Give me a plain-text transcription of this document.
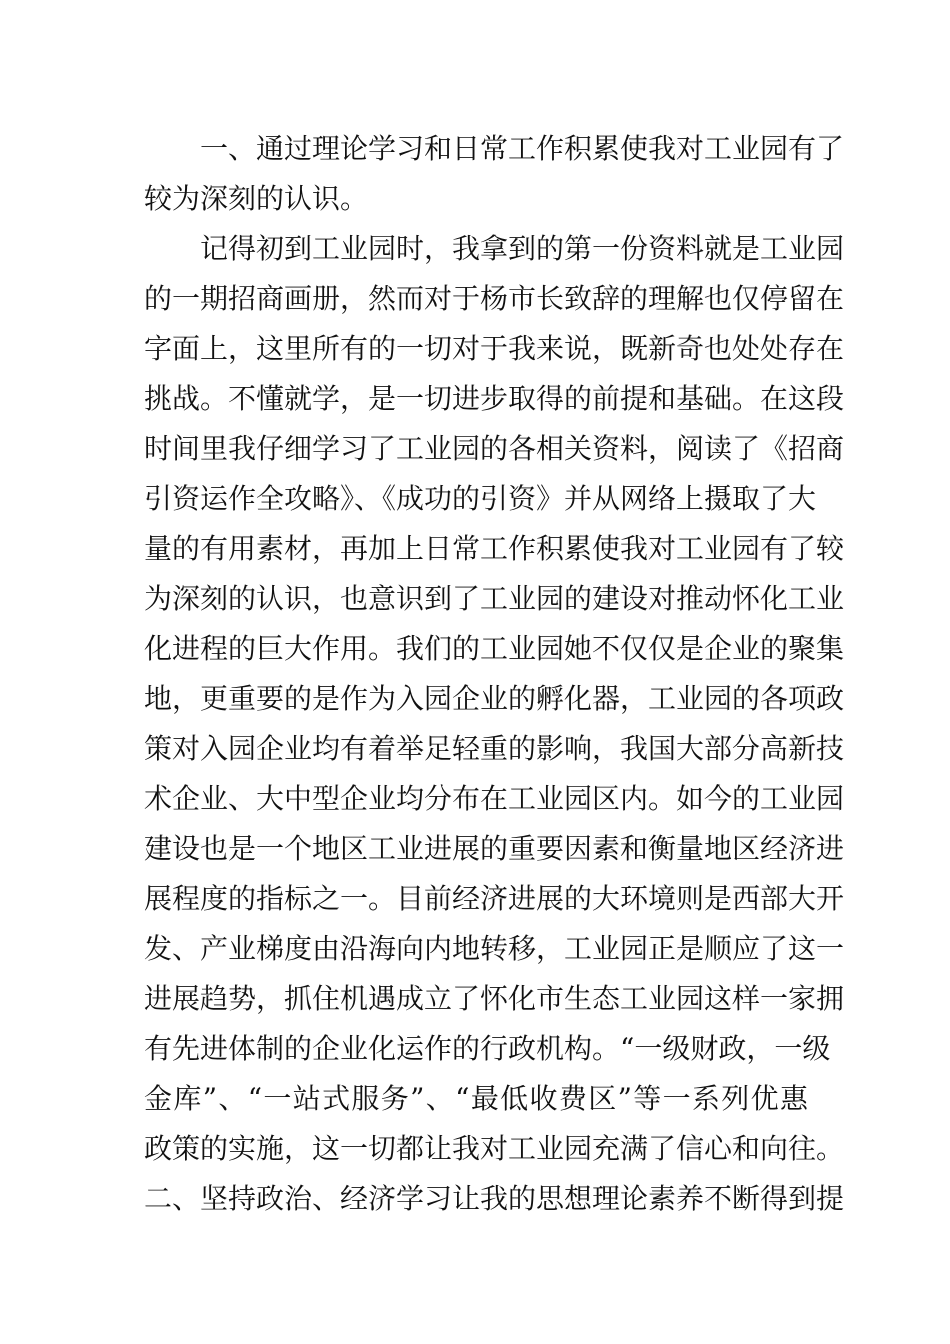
一、通过理论学习和日常工作积累使我对工业园有了
较为深刻的认识。
记得初到工业园时，我拿到的第一份资料就是工业园
的一期招商画册，然而对于杨市长致辞的理解也仅停留在
字面上，这里所有的一切对于我来说，既新奇也处处存在
挑战。不懂就学，是一切进步取得的前提和基础。在这段
时间里我仔细学习了工业园的各相关资料，阅读了《招商
引资运作全攻略》、《成功的引资》并从网络上摄取了大
量的有用素材，再加上日常工作积累使我对工业园有了较
为深刻的认识，也意识到了工业园的建设对推动怀化工业
化进程的巨大作用。我们的工业园她不仅仅是企业的聚集
地，更重要的是作为入园企业的孵化器，工业园的各项政
策对入园企业均有着举足轻重的影响，我国大部分高新技
术企业、大中型企业均分布在工业园区内。如今的工业园
建设也是一个地区工业进展的重要因素和衡量地区经济进
展程度的指标之一。目前经济进展的大环境则是西部大开
发、产业梯度由沿海向内地转移，工业园正是顺应了这一
进展趋势，抓住机遇成立了怀化市生态工业园这样一家拥
有先进体制的企业化运作的行政机构。“一级财政，一级
金库”、“一站式服务”、“最低收费区”等一系列优惠
政策的实施，这一切都让我对工业园充满了信心和向往。
二、坚持政治、经济学习让我的思想理论素养不断得到提
